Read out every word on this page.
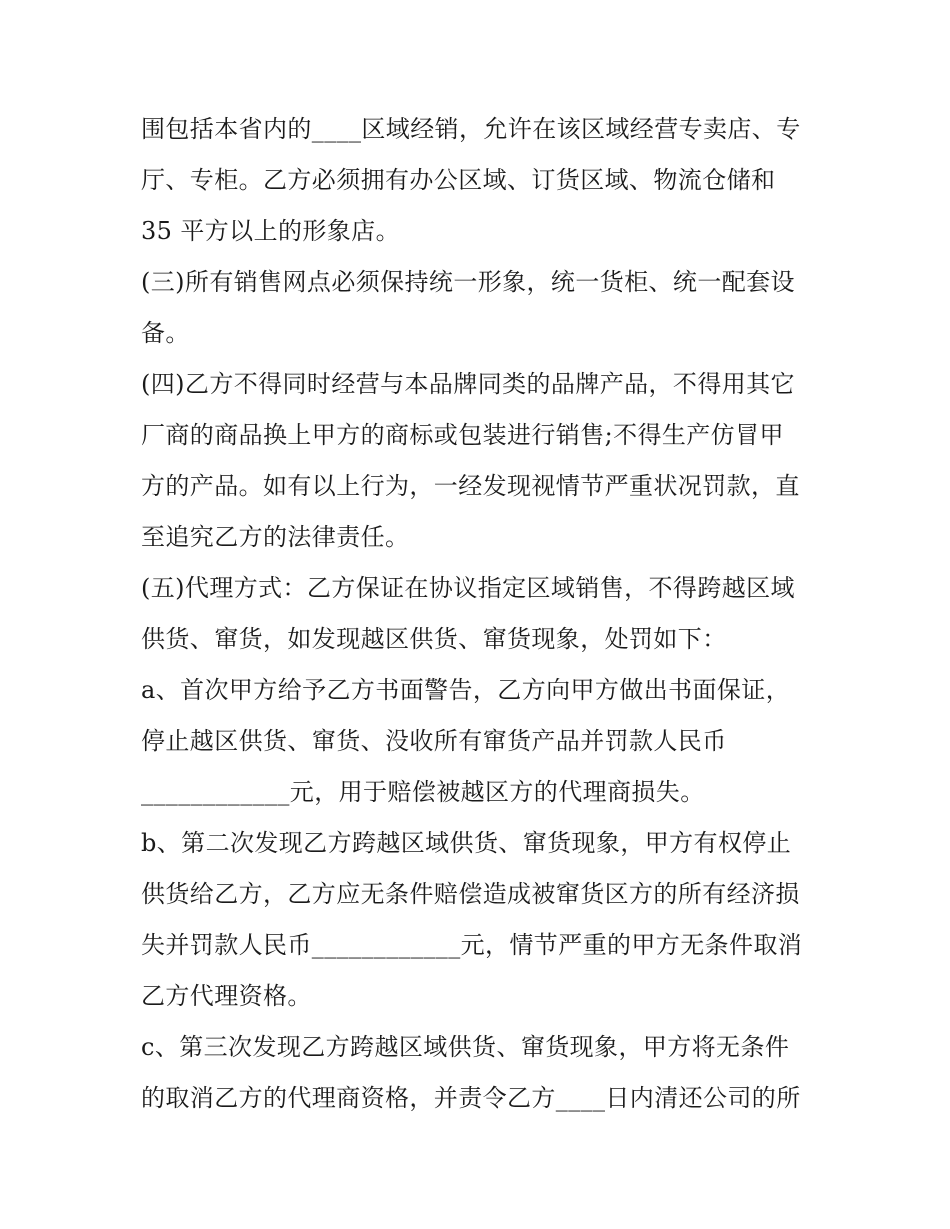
围包括本省内的____区域经销，允许在该区域经营专卖店、专
厅、专柜。乙方必须拥有办公区域、订货区域、物流仓储和
35 平方以上的形象店。
(三)所有销售网点必须保持统一形象，统一货柜、统一配套设
备。
(四)乙方不得同时经营与本品牌同类的品牌产品，不得用其它
厂商的商品换上甲方的商标或包装进行销售;不得生产仿冒甲
方的产品。如有以上行为，一经发现视情节严重状况罚款，直
至追究乙方的法律责任。
(五)代理方式：乙方保证在协议指定区域销售，不得跨越区域
供货、窜货，如发现越区供货、窜货现象，处罚如下：
a、首次甲方给予乙方书面警告，乙方向甲方做出书面保证，
停止越区供货、窜货、没收所有窜货产品并罚款人民币
____________元，用于赔偿被越区方的代理商损失。
b、第二次发现乙方跨越区域供货、窜货现象，甲方有权停止
供货给乙方，乙方应无条件赔偿造成被窜货区方的所有经济损
失并罚款人民币____________元，情节严重的甲方无条件取消
乙方代理资格。
c、第三次发现乙方跨越区域供货、窜货现象，甲方将无条件
的取消乙方的代理商资格，并责令乙方____日内清还公司的所
